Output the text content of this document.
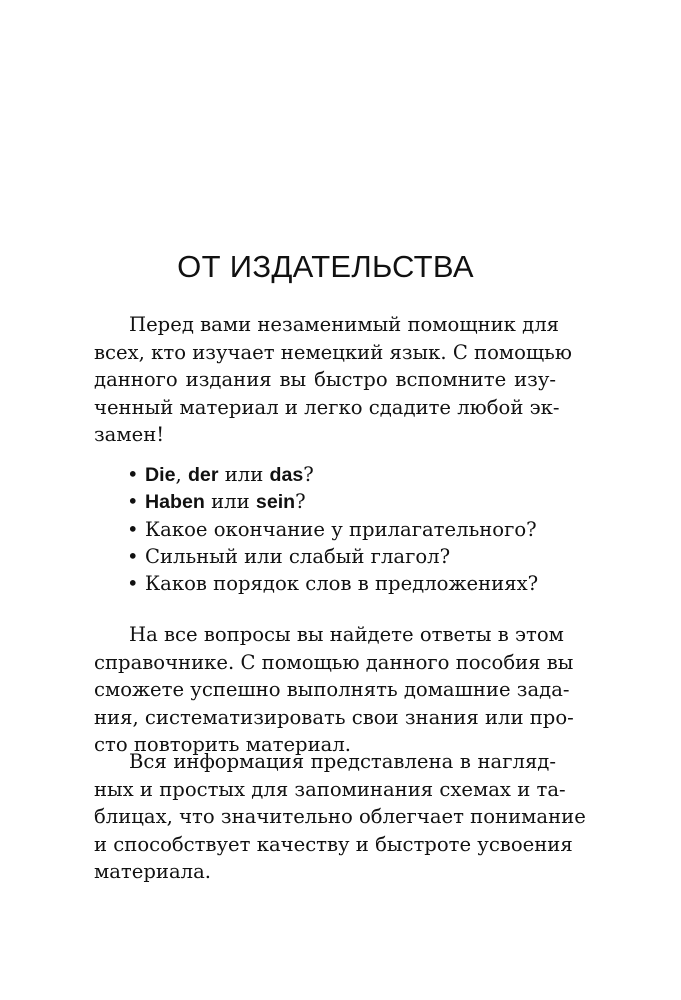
ОТ ИЗДАТЕЛЬСТВА
Перед вами незаменимый помощник для
всех, кто изучает немецкий язык. С помощью
данного издания вы быстро вспомните изу-
ченный материал и легко сдадите любой эк-
замен!
• Die, der или das?
• Haben или sein?
• Какое окончание у прилагательного?
• Сильный или слабый глагол?
• Каков порядок слов в предложениях?
На все вопросы вы найдете ответы в этом
справочнике. С помощью данного пособия вы
сможете успешно выполнять домашние зада-
ния, систематизировать свои знания или про-
сто повторить материал.
Вся информация представлена в нагляд-
ных и простых для запоминания схемах и та-
блицах, что значительно облегчает понимание
и способствует качеству и быстроте усвоения
материала.
